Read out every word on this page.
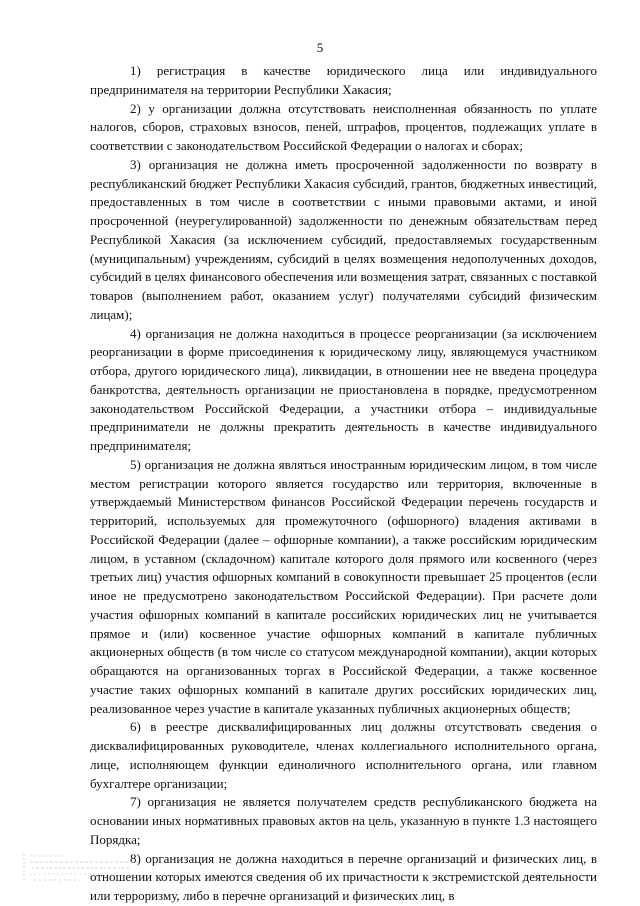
5

1) регистрация в качестве юридического лица или индивидуального предпринимателя на территории Республики Хакасия;

2) у организации должна отсутствовать неисполненная обязанность по уплате налогов, сборов, страховых взносов, пеней, штрафов, процентов, подлежащих уплате в соответствии с законодательством Российской Федерации о налогах и сборах;

3) организация не должна иметь просроченной задолженности по возврату в республиканский бюджет Республики Хакасия субсидий, грантов, бюджетных инвестиций, предоставленных в том числе в соответствии с иными правовыми актами, и иной просроченной (неурегулированной) задолженности по денежным обязательствам перед Республикой Хакасия (за исключением субсидий, предоставляемых государственным (муниципальным) учреждениям, субсидий в целях возмещения недополученных доходов, субсидий в целях финансового обеспечения или возмещения затрат, связанных с поставкой товаров (выполнением работ, оказанием услуг) получателями субсидий физическим лицам);

4) организация не должна находиться в процессе реорганизации (за исключением реорганизации в форме присоединения к юридическому лицу, являющемуся участником отбора, другого юридического лица), ликвидации, в отношении нее не введена процедура банкротства, деятельность организации не приостановлена в порядке, предусмотренном законодательством Российской Федерации, а участники отбора – индивидуальные предприниматели не должны прекратить деятельность в качестве индивидуального предпринимателя;

5) организация не должна являться иностранным юридическим лицом, в том числе местом регистрации которого является государство или территория, включенные в утверждаемый Министерством финансов Российской Федерации перечень государств и территорий, используемых для промежуточного (офшорного) владения активами в Российской Федерации (далее – офшорные компании), а также российским юридическим лицом, в уставном (складочном) капитале которого доля прямого или косвенного (через третьих лиц) участия офшорных компаний в совокупности превышает 25 процентов (если иное не предусмотрено законодательством Российской Федерации). При расчете доли участия офшорных компаний в капитале российских юридических лиц не учитывается прямое и (или) косвенное участие офшорных компаний в капитале публичных акционерных обществ (в том числе со статусом международной компании), акции которых обращаются на организованных торгах в Российской Федерации, а также косвенное участие таких офшорных компаний в капитале других российских юридических лиц, реализованное через участие в капитале указанных публичных акционерных обществ;

6) в реестре дисквалифицированных лиц должны отсутствовать сведения о дисквалифицированных руководителе, членах коллегиального исполнительного органа, лице, исполняющем функции единоличного исполнительного органа, или главном бухгалтере организации;

7) организация не является получателем средств республиканского бюджета на основании иных нормативных правовых актов на цель, указанную в пункте 1.3 настоящего Порядка;

8) организация не должна находиться в перечне организаций и физических лиц, в отношении которых имеются сведения об их причастности к экстремистской деятельности или терроризму, либо в перечне организаций и физических лиц, в
